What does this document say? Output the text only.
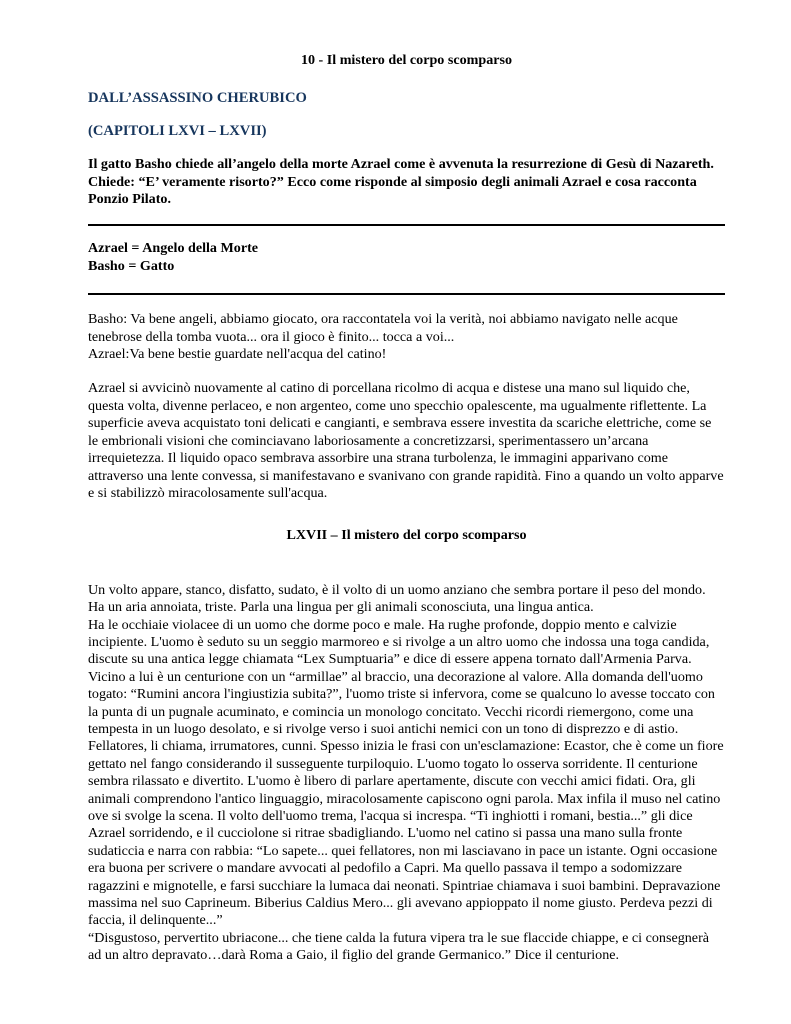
10 - Il mistero del corpo scomparso

DALL’ASSASSINO CHERUBICO

(CAPITOLI LXVI – LXVII)

Il gatto Basho chiede all’angelo della morte Azrael come è avvenuta la resurrezione di Gesù di Nazareth. Chiede: “E’ veramente risorto?” Ecco come risponde al simposio degli animali Azrael e cosa racconta Ponzio Pilato.

Azrael = Angelo della Morte

Basho = Gatto

Basho: Va bene angeli, abbiamo giocato, ora raccontatela voi la verità, noi abbiamo navigato nelle acque tenebrose della tomba vuota... ora il gioco è finito... tocca a voi...

Azrael:Va bene bestie guardate nell'acqua del catino!

Azrael si avvicinò nuovamente al catino di porcellana ricolmo di acqua e distese una mano sul liquido che, questa volta, divenne perlaceo, e non argenteo, come uno specchio opalescente, ma ugualmente riflettente. La superficie aveva acquistato toni delicati e cangianti, e sembrava essere investita da scariche elettriche, come se le embrionali visioni che cominciavano laboriosamente a concretizzarsi, sperimentassero un’arcana irrequietezza. Il liquido opaco sembrava assorbire una strana turbolenza, le immagini apparivano come attraverso una lente convessa, si manifestavano e svanivano con grande rapidità. Fino a quando un volto apparve e si stabilizzò miracolosamente sull'acqua.

LXVII – Il mistero del corpo scomparso

Un volto appare, stanco, disfatto, sudato, è il volto di un uomo anziano che sembra portare il peso del mondo. Ha un aria annoiata, triste. Parla una lingua per gli animali sconosciuta, una lingua antica.

Ha le occhiaie violacee di un uomo che dorme poco e male. Ha rughe profonde, doppio mento e calvizie incipiente. L'uomo è seduto su un seggio marmoreo e si rivolge a un altro uomo che indossa una toga candida, discute su una antica legge chiamata “Lex Sumptuaria” e dice di essere appena tornato dall'Armenia Parva. Vicino a lui è un centurione con un “armillae” al braccio, una decorazione al valore. Alla domanda dell'uomo togato: “Rumini ancora l'ingiustizia subita?”, l'uomo triste si infervora, come se qualcuno lo avesse toccato con la punta di un pugnale acuminato, e comincia un monologo concitato. Vecchi ricordi riemergono, come una tempesta in un luogo desolato, e si rivolge verso i suoi antichi nemici con un tono di disprezzo e di astio. Fellatores, li chiama, irrumatores, cunni. Spesso inizia le frasi con un'esclamazione: Ecastor, che è come un fiore gettato nel fango considerando il susseguente turpiloquio. L'uomo togato lo osserva sorridente. Il centurione sembra rilassato e divertito. L'uomo è libero di parlare apertamente, discute con vecchi amici fidati. Ora, gli animali comprendono l'antico linguaggio, miracolosamente capiscono ogni parola. Max infila il muso nel catino ove si svolge la scena. Il volto dell'uomo trema, l'acqua si increspa. “Ti inghiotti i romani, bestia...” gli dice Azrael sorridendo, e il cucciolone si ritrae sbadigliando. L'uomo nel catino si passa una mano sulla fronte sudaticcia e narra con rabbia: “Lo sapete... quei fellatores, non mi lasciavano in pace un istante. Ogni occasione era buona per scrivere o mandare avvocati al pedofilo a Capri. Ma quello passava il tempo a sodomizzare ragazzini e mignotelle, e farsi succhiare la lumaca dai neonati. Spintriae chiamava i suoi bambini. Depravazione massima nel suo Caprineum. Biberius Caldius Mero... gli avevano appioppato il nome giusto. Perdeva pezzi di faccia, il delinquente...”

“Disgustoso, pervertito ubriacone... che tiene calda la futura vipera tra le sue flaccide chiappe, e ci consegnerà ad un altro depravato…darà Roma a Gaio, il figlio del grande Germanico.” Dice il centurione.
